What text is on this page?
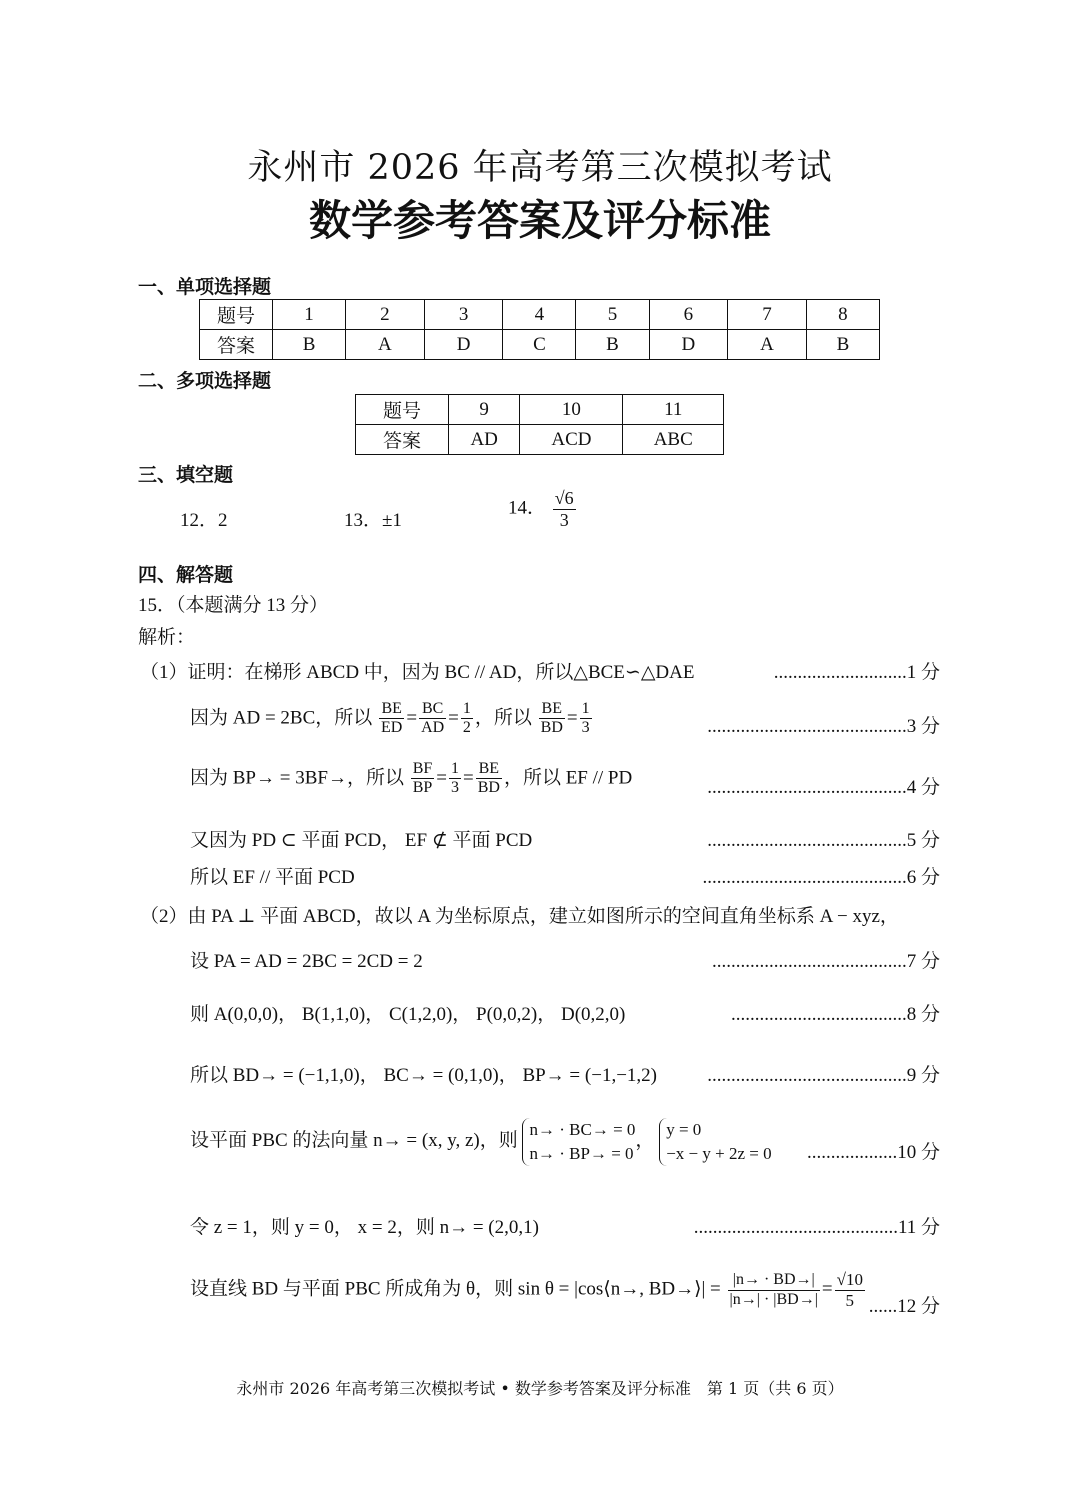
永州市 2026 年高考第三次模拟考试
数学参考答案及评分标准
一、单项选择题
题号	1	2	3	4	5	6	7	8
答案	B	A	D	C	B	D	A	B
二、多项选择题
题号	9	10	11
答案	AD	ACD	ABC
三、填空题
12．2	13．±1
14． $\frac{√6}{3}$
四、解答题
15．（本题满分 13 分）
解析：
（1）证明：在梯形 ABCD 中，因为 BC // AD，所以△BCE∽△DAE	............................1 分
因为 AD = 2BC，所以 $\frac{BE}{ED} = \frac{BC}{AD} = \frac{1}{2}$ ，所以 $\frac{BE}{BD} = \frac{1}{3}$	..........................................3 分
因为 BP→ = 3BF→，所以 $\frac{BF}{BP} = \frac{1}{3} = \frac{BE}{BD}$ ，所以 EF // PD	..........................................4 分
又因为 PD ⊂ 平面 PCD， EF ⊄ 平面 PCD	..........................................5 分
所以 EF // 平面 PCD	...........................................6 分
（2）由 PA ⊥ 平面 ABCD，故以 A 为坐标原点，建立如图所示的空间直角坐标系 A − xyz，
设 PA = AD = 2BC = 2CD = 2	.........................................7 分
则 A(0,0,0)， B(1,1,0)， C(1,2,0)， P(0,0,2)， D(0,2,0)	.....................................8 分
所以 BD→ = (−1,1,0)， BC→ = (0,1,0)， BP→ = (−1,−1,2)	..........................................9 分
设平面 PBC 的法向量 n→ = (x, y, z)，则
n→ · BC→ = 0
n→ · BP→ = 0
，
y = 0
−x − y + 2z = 0 ...................10 分
令 z = 1，则 y = 0， x = 2，则 n→ = (2,0,1)	...........................................11 分
设直线 BD 与平面 PBC 所成角为 θ，则 sin θ = |cos⟨n→, BD→⟩| = $\frac{|n\to \cdot BD\to|}{|n\to| \cdot |BD\to|} = \frac{√10}{5} ......12$ 分
永州市 2026 年高考第三次模拟考试 • 数学参考答案及评分标准　第 1 页（共 6 页）
